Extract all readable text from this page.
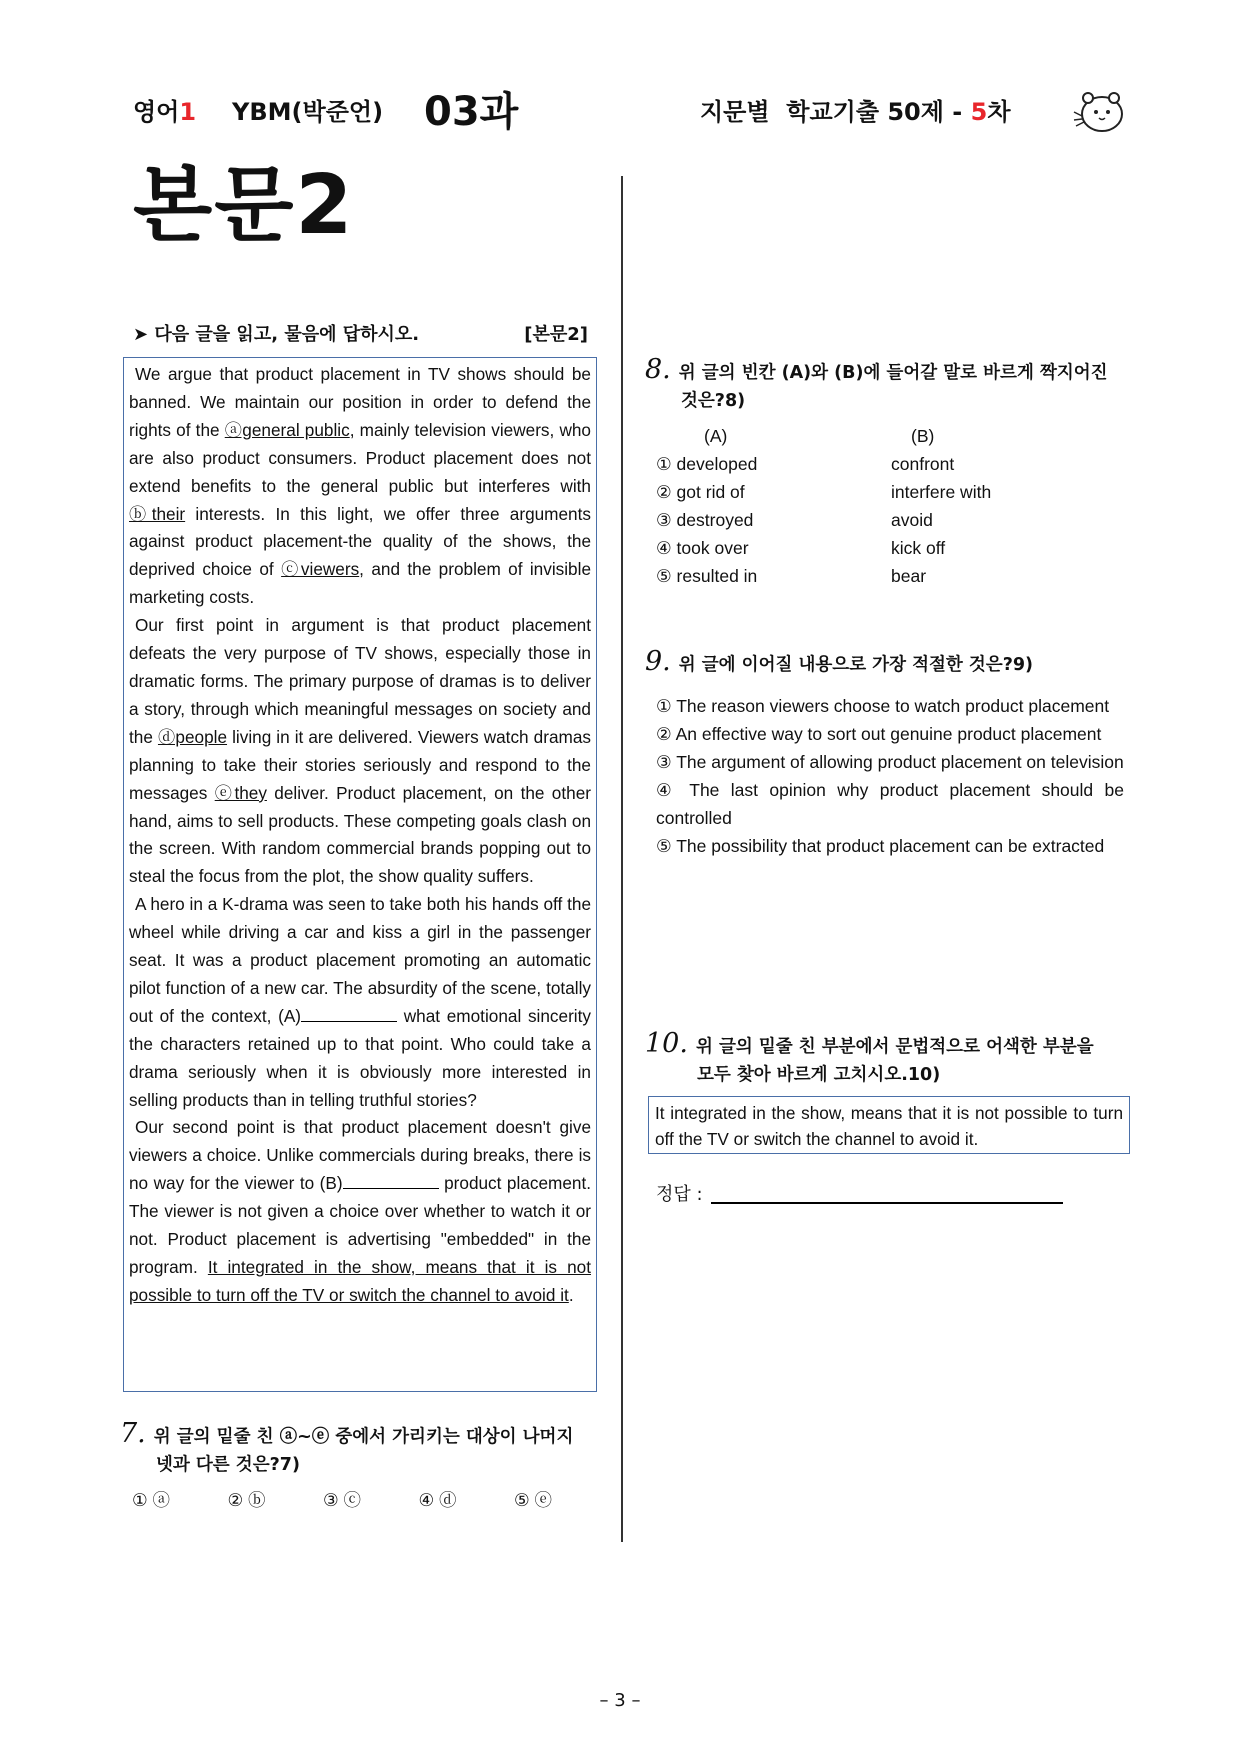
영어1 YBM(박준언) 03과	지문별  학교기출 50제 - 5차
본문2
➤ 다음 글을 읽고, 물음에 답하시오.	[본문2]

We argue that product placement in TV shows should be banned. We maintain our position in order to defend the rights of the ⓐgeneral public, mainly television viewers, who are also product consumers. Product placement does not extend benefits to the general public but interferes with ⓑtheir interests. In this light, we offer three arguments against product placement-the quality of the shows, the deprived choice of ⓒviewers, and the problem of invisible marketing costs.

Our first point in argument is that product placement defeats the very purpose of TV shows, especially those in dramatic forms. The primary purpose of dramas is to deliver a story, through which meaningful messages on society and the ⓓpeople living in it are delivered. Viewers watch dramas planning to take their stories seriously and respond to the messages ⓔthey deliver. Product placement, on the other hand, aims to sell products. These competing goals clash on the screen. With random commercial brands popping out to steal the focus from the plot, the show quality suffers.

A hero in a K-drama was seen to take both his hands off the wheel while driving a car and kiss a girl in the passenger seat. It was a product placement promoting an automatic pilot function of a new car. The absurdity of the scene, totally out of the context, (A)	what emotional sincerity the characters retained up to that point. Who could take a drama seriously when it is obviously more interested in selling products than in telling truthful stories?

Our second point is that product placement doesn't give viewers a choice. Unlike commercials during breaks, there is no way for the viewer to (B)	product placement. The viewer is not given a choice over whether to watch it or not. Product placement is advertising "embedded" in the program. It integrated in the show, means that it is not possible to turn off the TV or switch the channel to avoid it.

7. 위 글의 밑줄 친 ⓐ~ⓔ 중에서 가리키는 대상이 나머지
넷과 다른 것은?7)
① ⓐ	② ⓑ	③ ⓒ	④ ⓓ	⑤ ⓔ
8. 위 글의 빈칸 (A)와 (B)에 들어갈 말로 바르게 짝지어진
것은?8)
(A)	(B)
① developed	confront
② got rid of	interfere with
③ destroyed	avoid
④ took over	kick off
⑤ resulted in	bear
9. 위 글에 이어질 내용으로 가장 적절한 것은?9)
① The reason viewers choose to watch product placement
② An effective way to sort out genuine product placement
③ The argument of allowing product placement on television
④ The last opinion why product placement should be controlled
⑤ The possibility that product placement can be extracted
10. 위 글의 밑줄 친 부분에서 문법적으로 어색한 부분을
모두 찾아 바르게 고치시오.10)
It integrated in the show, means that it is not possible to turn off the TV or switch the channel to avoid it.
정답 :
– 3 –
